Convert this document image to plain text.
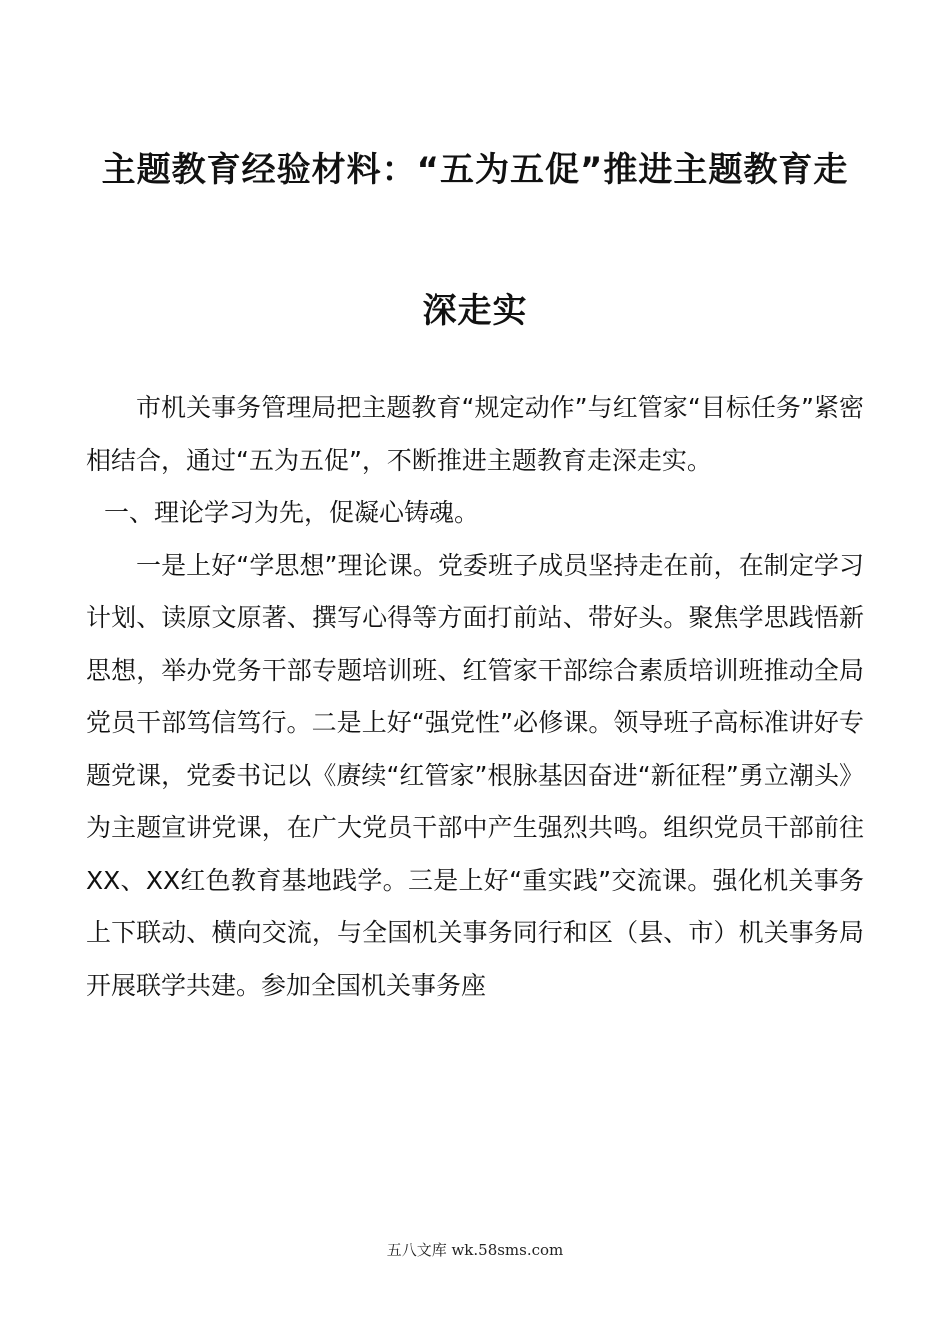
主题教育经验材料：“五为五促”推进主题教育走
深走实

市机关事务管理局把主题教育“规定动作”与红管家“目标任务”紧密相结合，通过“五为五促”，不断推进主题教育走深走实。

一、理论学习为先，促凝心铸魂。

一是上好“学思想”理论课。党委班子成员坚持走在前，在制定学习计划、读原文原著、撰写心得等方面打前站、带好头。聚焦学思践悟新思想，举办党务干部专题培训班、红管家干部综合素质培训班推动全局党员干部笃信笃行。二是上好“强党性”必修课。领导班子高标准讲好专题党课，党委书记以《赓续“红管家”根脉基因奋进“新征程”勇立潮头》为主题宣讲党课，在广大党员干部中产生强烈共鸣。组织党员干部前往XX、XX红色教育基地践学。三是上好“重实践”交流课。强化机关事务上下联动、横向交流，与全国机关事务同行和区（县、市）机关事务局开展联学共建。参加全国机关事务座

五八文库 wk.58sms.com
